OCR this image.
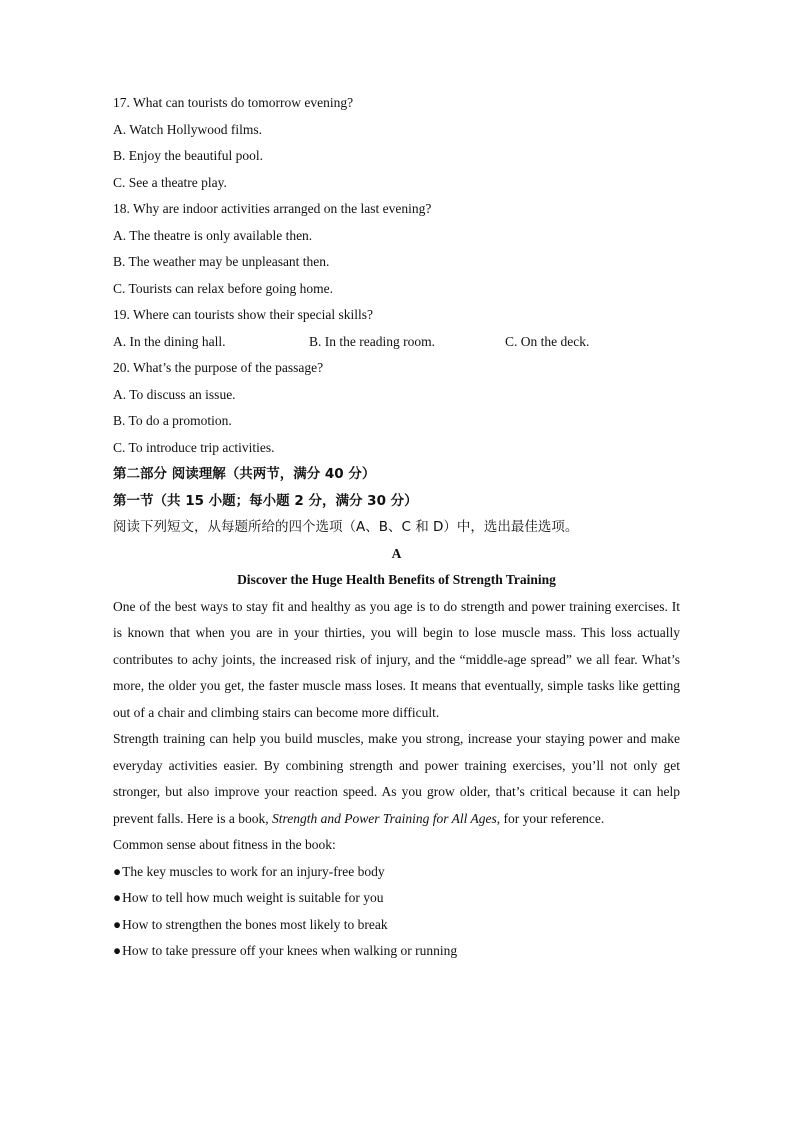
17. What can tourists do tomorrow evening?
A. Watch Hollywood films.
B. Enjoy the beautiful pool.
C. See a theatre play.
18. Why are indoor activities arranged on the last evening?
A. The theatre is only available then.
B. The weather may be unpleasant then.
C. Tourists can relax before going home.
19. Where can tourists show their special skills?
A. In the dining hall.	B. In the reading room.	C. On the deck.
20. What’s the purpose of the passage?
A. To discuss an issue.
B. To do a promotion.
C. To introduce trip activities.
第二部分 阅读理解（共两节，满分 40 分）
第一节（共 15 小题；每小题 2 分，满分 30 分）
阅读下列短文，从每题所给的四个选项（A、B、C 和 D）中，选出最佳选项。
A
Discover the Huge Health Benefits of Strength Training

One of the best ways to stay fit and healthy as you age is to do strength and power training exercises. It is known that when you are in your thirties, you will begin to lose muscle mass. This loss actually contributes to achy joints, the increased risk of injury, and the “middle-age spread” we all fear. What’s more, the older you get, the faster muscle mass loses. It means that eventually, simple tasks like getting out of a chair and climbing stairs can become more difficult.

Strength training can help you build muscles, make you strong, increase your staying power and make everyday activities easier. By combining strength and power training exercises, you’ll not only get stronger, but also improve your reaction speed. As you grow older, that’s critical because it can help prevent falls. Here is a book, Strength and Power Training for All Ages, for your reference.

Common sense about fitness in the book:
●The key muscles to work for an injury-free body
●How to tell how much weight is suitable for you
●How to strengthen the bones most likely to break
●How to take pressure off your knees when walking or running
